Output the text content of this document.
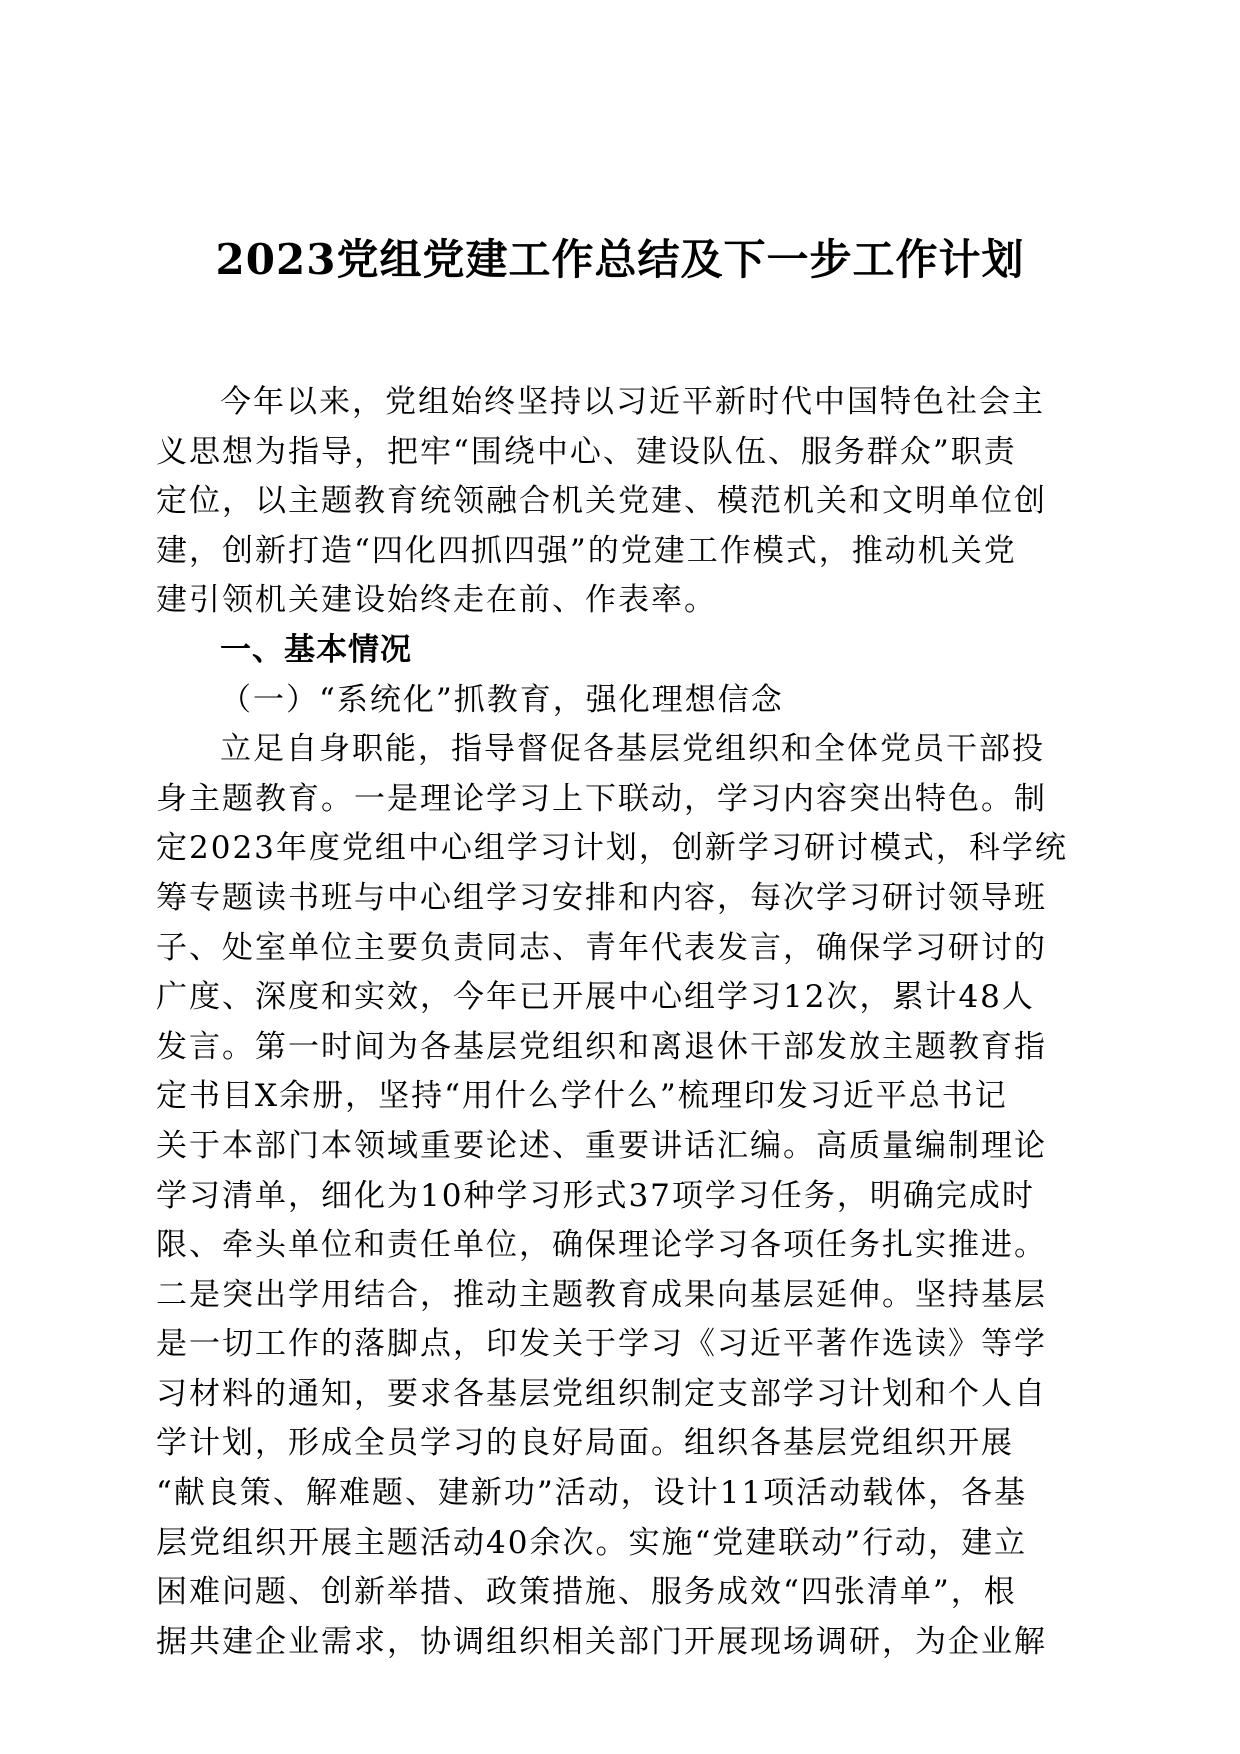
2023党组党建工作总结及下一步工作计划
今年以来，党组始终坚持以习近平新时代中国特色社会主
义思想为指导，把牢“围绕中心、建设队伍、服务群众”职责
定位，以主题教育统领融合机关党建、模范机关和文明单位创
建，创新打造“四化四抓四强”的党建工作模式，推动机关党
建引领机关建设始终走在前、作表率。
一、基本情况
（一）“系统化”抓教育，强化理想信念
立足自身职能，指导督促各基层党组织和全体党员干部投
身主题教育。一是理论学习上下联动，学习内容突出特色。制
定2023年度党组中心组学习计划，创新学习研讨模式，科学统
筹专题读书班与中心组学习安排和内容，每次学习研讨领导班
子、处室单位主要负责同志、青年代表发言，确保学习研讨的
广度、深度和实效，今年已开展中心组学习12次，累计48人
发言。第一时间为各基层党组织和离退休干部发放主题教育指
定书目X余册，坚持“用什么学什么”梳理印发习近平总书记
关于本部门本领域重要论述、重要讲话汇编。高质量编制理论
学习清单，细化为10种学习形式37项学习任务，明确完成时
限、牵头单位和责任单位，确保理论学习各项任务扎实推进。
二是突出学用结合，推动主题教育成果向基层延伸。坚持基层
是一切工作的落脚点，印发关于学习《习近平著作选读》等学
习材料的通知，要求各基层党组织制定支部学习计划和个人自
学计划，形成全员学习的良好局面。组织各基层党组织开展
“献良策、解难题、建新功”活动，设计11项活动载体，各基
层党组织开展主题活动40余次。实施“党建联动”行动，建立
困难问题、创新举措、政策措施、服务成效“四张清单”，根
据共建企业需求，协调组织相关部门开展现场调研，为企业解
